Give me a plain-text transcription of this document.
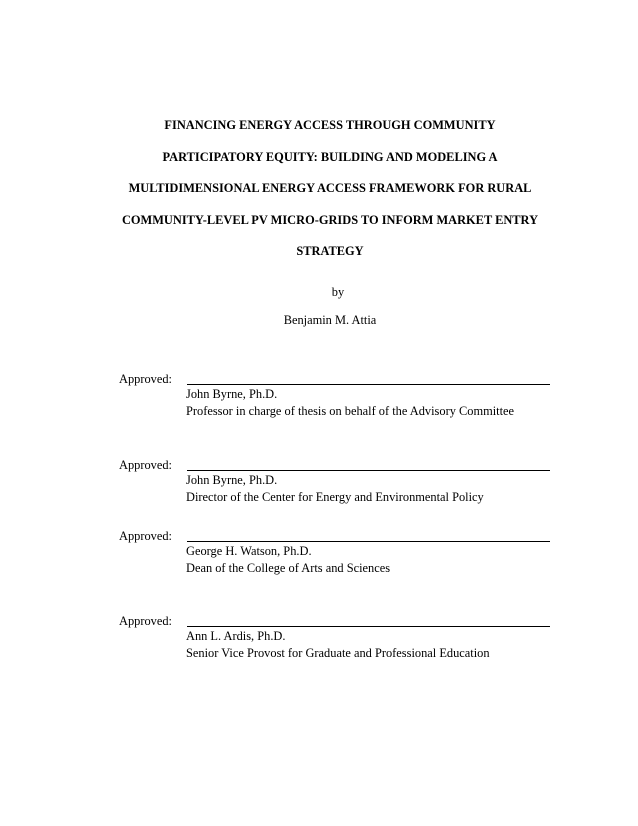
FINANCING ENERGY ACCESS THROUGH COMMUNITY
PARTICIPATORY EQUITY: BUILDING AND MODELING A
MULTIDIMENSIONAL ENERGY ACCESS FRAMEWORK FOR RURAL
COMMUNITY-LEVEL PV MICRO-GRIDS TO INFORM MARKET ENTRY
STRATEGY
by
Benjamin M. Attia
Approved:
John Byrne, Ph.D.
Professor in charge of thesis on behalf of the Advisory Committee
Approved:
John Byrne, Ph.D.
Director of the Center for Energy and Environmental Policy
Approved:
George H. Watson, Ph.D.
Dean of the College of Arts and Sciences
Approved:
Ann L. Ardis, Ph.D.
Senior Vice Provost for Graduate and Professional Education
